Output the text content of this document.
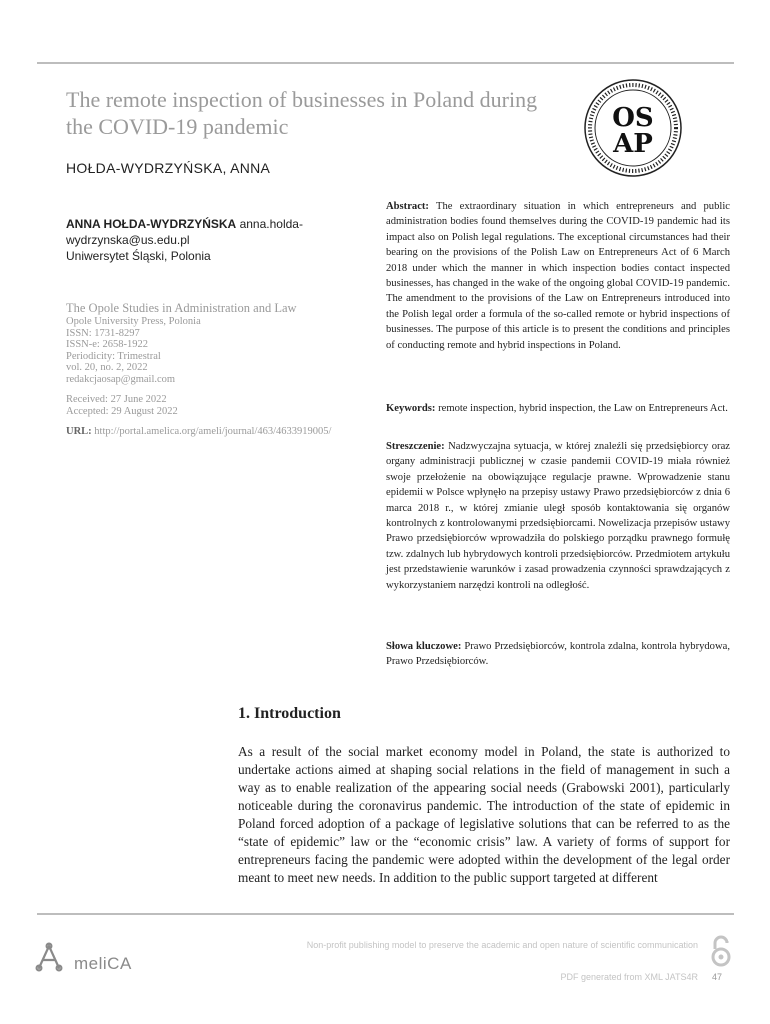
The remote inspection of businesses in Poland during the COVID-19 pandemic
HOŁDA-WYDRZYŃSKA, ANNA
OS
AP
ANNA HOŁDA-WYDRZYŃSKA anna.holda-wydrzynska@us.edu.pl
Uniwersytet Śląski, Polonia
The Opole Studies in Administration and Law
Opole University Press, Polonia
ISSN: 1731-8297
ISSN-e: 2658-1922
Periodicity: Trimestral
vol. 20, no. 2, 2022
redakcjaosap@gmail.com
Received: 27 June 2022
Accepted: 29 August 2022
URL: http://portal.amelica.org/ameli/journal/463/4633919005/
Abstract: The extraordinary situation in which entrepreneurs and public administration bodies found themselves during the COVID-19 pandemic had its impact also on Polish legal regulations. The exceptional circumstances had their bearing on the provisions of the Polish Law on Entrepreneurs Act of 6 March 2018 under which the manner in which inspection bodies contact inspected businesses, has changed in the wake of the ongoing global COVID-19 pandemic. The amendment to the provisions of the Law on Entrepreneurs introduced into the Polish legal order a formula of the so-called remote or hybrid inspections of businesses. The purpose of this article is to present the conditions and principles of conducting remote and hybrid inspections in Poland.
Keywords: remote inspection, hybrid inspection, the Law on Entrepreneurs Act.
Streszczenie: Nadzwyczajna sytuacja, w której znaleźli się przedsiębiorcy oraz organy administracji publicznej w czasie pandemii COVID-19 miała również swoje przełożenie na obowiązujące regulacje prawne. Wprowadzenie stanu epidemii w Polsce wpłynęło na przepisy ustawy Prawo przedsiębiorców z dnia 6 marca 2018 r., w której zmianie uległ sposób kontaktowania się organów kontrolnych z kontrolowanymi przedsiębiorcami. Nowelizacja przepisów ustawy Prawo przedsiębiorców wprowadziła do polskiego porządku prawnego formułę tzw. zdalnych lub hybrydowych kontroli przedsiębiorców. Przedmiotem artykułu jest przedstawienie warunków i zasad prowadzenia czynności sprawdzających z wykorzystaniem narzędzi kontroli na odległość.
Słowa kluczowe: Prawo Przedsiębiorców, kontrola zdalna, kontrola hybrydowa, Prawo Przedsiębiorców.
1. Introduction
As a result of the social market economy model in Poland, the state is authorized to undertake actions aimed at shaping social relations in the field of management in such a way as to enable realization of the appearing social needs (Grabowski 2001), particularly noticeable during the coronavirus pandemic. The introduction of the state of epidemic in Poland forced adoption of a package of legislative solutions that can be referred to as the “state of epidemic” law or the “economic crisis” law. A variety of forms of support for entrepreneurs facing the pandemic were adopted within the development of the legal order meant to meet new needs. In addition to the public support targeted at different
meliCA
Non-profit publishing model to preserve the academic and open nature of scientific communication
PDF generated from XML JATS4R 47
